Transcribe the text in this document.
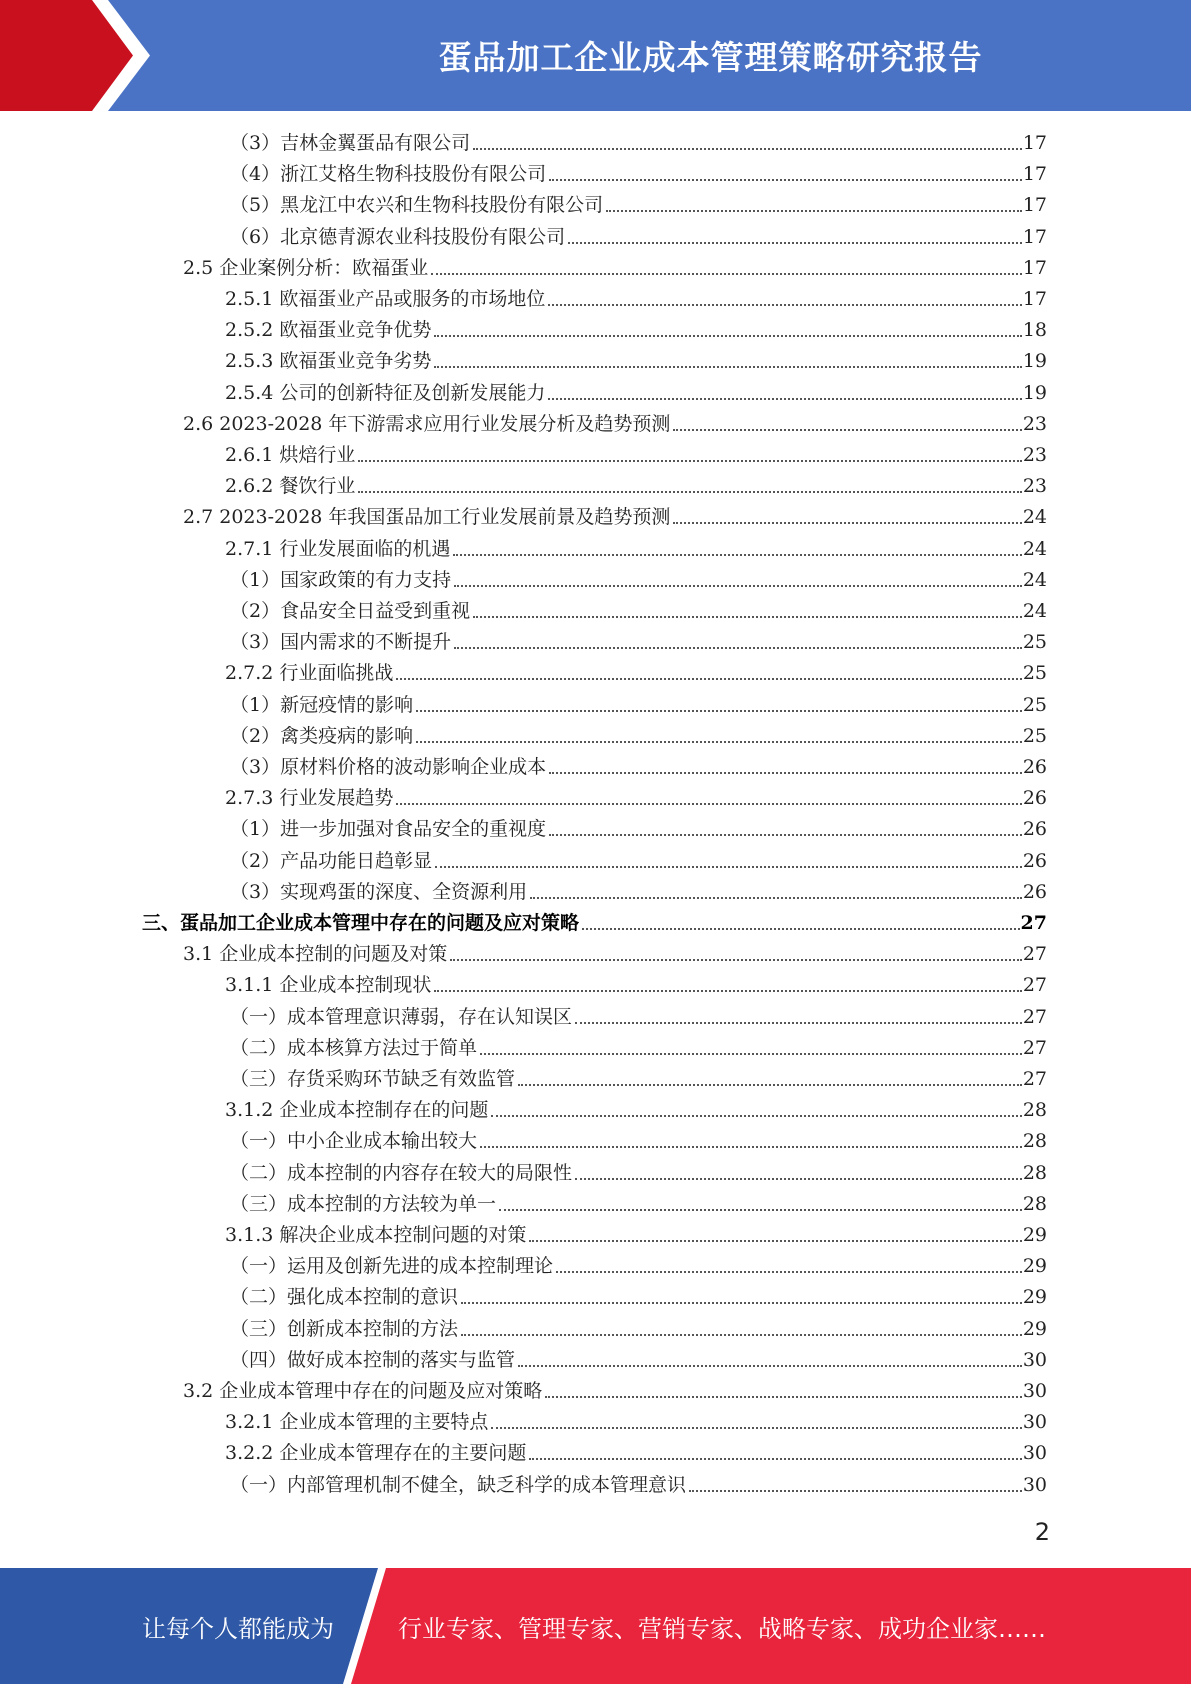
蛋品加工企业成本管理策略研究报告
（3）吉林金翼蛋品有限公司	17
（4）浙江艾格生物科技股份有限公司	17
（5）黑龙江中农兴和生物科技股份有限公司	17
（6）北京德青源农业科技股份有限公司	17
2.5 企业案例分析：欧福蛋业	17
2.5.1 欧福蛋业产品或服务的市场地位	17
2.5.2 欧福蛋业竞争优势	18
2.5.3 欧福蛋业竞争劣势	19
2.5.4 公司的创新特征及创新发展能力	19
2.6 2023-2028 年下游需求应用行业发展分析及趋势预测	23
2.6.1 烘焙行业	23
2.6.2 餐饮行业	23
2.7 2023-2028 年我国蛋品加工行业发展前景及趋势预测	24
2.7.1 行业发展面临的机遇	24
（1）国家政策的有力支持	24
（2）食品安全日益受到重视	24
（3）国内需求的不断提升	25
2.7.2 行业面临挑战	25
（1）新冠疫情的影响	25
（2）禽类疫病的影响	25
（3）原材料价格的波动影响企业成本	26
2.7.3 行业发展趋势	26
（1）进一步加强对食品安全的重视度	26
（2）产品功能日趋彰显	26
（3）实现鸡蛋的深度、全资源利用	26
三、蛋品加工企业成本管理中存在的问题及应对策略	27
3.1 企业成本控制的问题及对策	27
3.1.1 企业成本控制现状	27
（一）成本管理意识薄弱，存在认知误区	27
（二）成本核算方法过于简单	27
（三）存货采购环节缺乏有效监管	27
3.1.2 企业成本控制存在的问题	28
（一）中小企业成本输出较大	28
（二）成本控制的内容存在较大的局限性	28
（三）成本控制的方法较为单一	28
3.1.3 解决企业成本控制问题的对策	29
（一）运用及创新先进的成本控制理论	29
（二）强化成本控制的意识	29
（三）创新成本控制的方法	29
（四）做好成本控制的落实与监管	30
3.2 企业成本管理中存在的问题及应对策略	30
3.2.1 企业成本管理的主要特点	30
3.2.2 企业成本管理存在的主要问题	30
（一）内部管理机制不健全，缺乏科学的成本管理意识	30
2
让每个人都能成为	行业专家、管理专家、营销专家、战略专家、成功企业家……
